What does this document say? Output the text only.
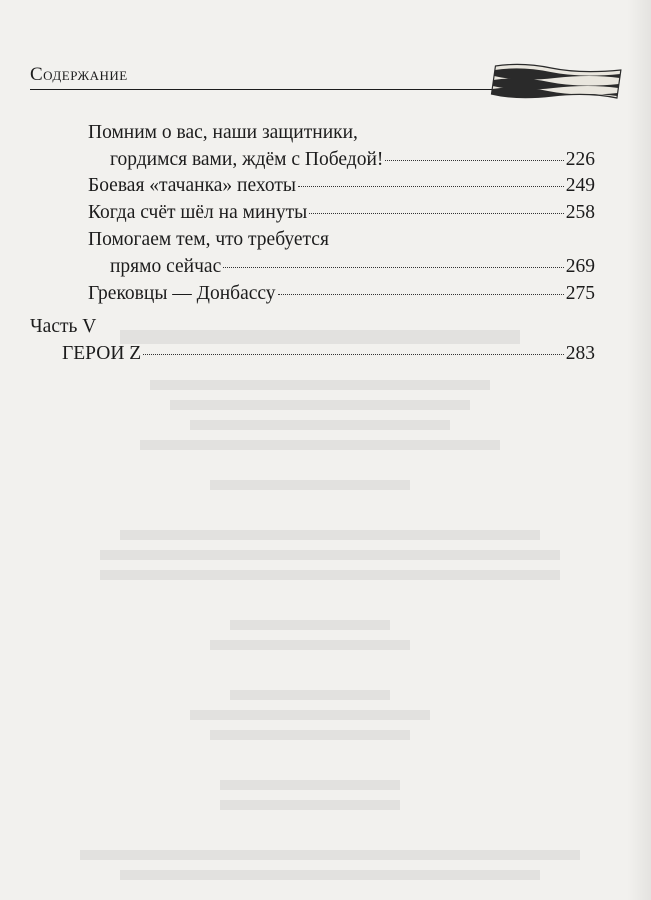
Содержание
Помним о вас, наши защитники,
гордимся вами, ждём с Победой!	226
Боевая «тачанка» пехоты	249
Когда счёт шёл на минуты	258
Помогаем тем, что требуется
прямо сейчас	269
Грековцы — Донбассу	275
Часть V
ГЕРОИ Z	283
